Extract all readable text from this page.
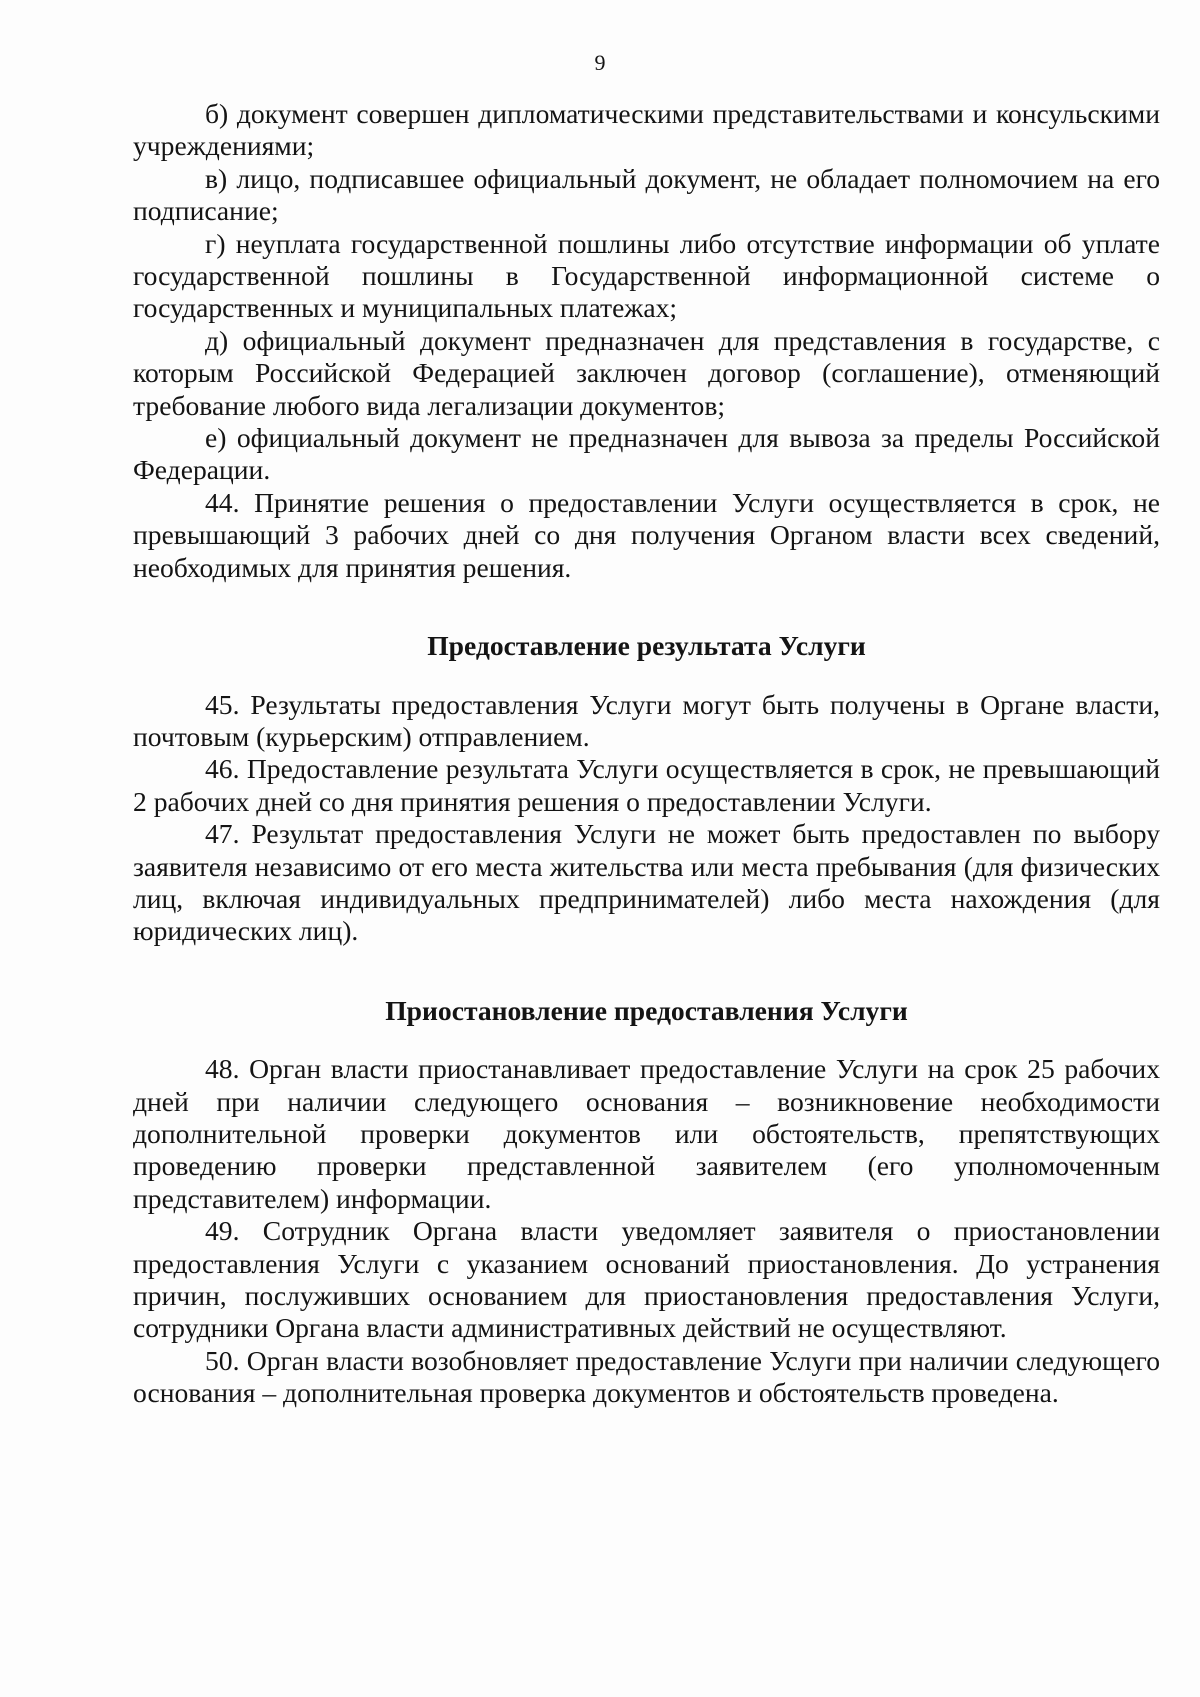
9

б) документ совершен дипломатическими представительствами и консульскими учреждениями;

в) лицо, подписавшее официальный документ, не обладает полномочием на его подписание;

г) неуплата государственной пошлины либо отсутствие информации об уплате государственной пошлины в Государственной информационной системе о государственных и муниципальных платежах;

д) официальный документ предназначен для представления в государстве, с которым Российской Федерацией заключен договор (соглашение), отменяющий требование любого вида легализации документов;

е) официальный документ не предназначен для вывоза за пределы Российской Федерации.

44. Принятие решения о предоставлении Услуги осуществляется в срок, не превышающий 3 рабочих дней со дня получения Органом власти всех сведений, необходимых для принятия решения.

Предоставление результата Услуги

45. Результаты предоставления Услуги могут быть получены в Органе власти, почтовым (курьерским) отправлением.

46. Предоставление результата Услуги осуществляется в срок, не превышающий 2 рабочих дней со дня принятия решения о предоставлении Услуги.

47. Результат предоставления Услуги не может быть предоставлен по выбору заявителя независимо от его места жительства или места пребывания (для физических лиц, включая индивидуальных предпринимателей) либо места нахождения (для юридических лиц).

Приостановление предоставления Услуги

48. Орган власти приостанавливает предоставление Услуги на срок 25 рабочих дней при наличии следующего основания – возникновение необходимости дополнительной проверки документов или обстоятельств, препятствующих проведению проверки представленной заявителем (его уполномоченным представителем) информации.

49. Сотрудник Органа власти уведомляет заявителя о приостановлении предоставления Услуги с указанием оснований приостановления. До устранения причин, послуживших основанием для приостановления предоставления Услуги, сотрудники Органа власти административных действий не осуществляют.

50. Орган власти возобновляет предоставление Услуги при наличии следующего основания – дополнительная проверка документов и обстоятельств проведена.
